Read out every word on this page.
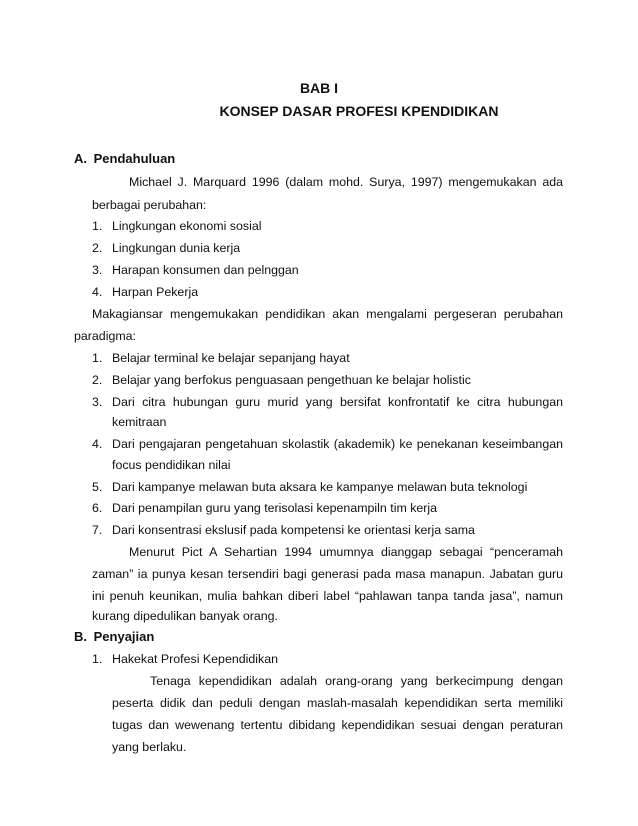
BAB I
KONSEP DASAR PROFESI KPENDIDIKAN
A. Pendahuluan
Michael J. Marquard 1996 (dalam mohd. Surya, 1997) mengemukakan ada
berbagai perubahan:
1. Lingkungan ekonomi sosial
2. Lingkungan dunia kerja
3. Harapan konsumen dan pelnggan
4. Harpan Pekerja
Makagiansar mengemukakan pendidikan akan mengalami pergeseran perubahan
paradigma:
1. Belajar terminal ke belajar sepanjang hayat
2. Belajar yang berfokus penguasaan pengethuan ke belajar holistic
3. Dari citra hubungan guru murid yang bersifat konfrontatif ke citra hubungan
kemitraan
4. Dari pengajaran pengetahuan skolastik (akademik) ke penekanan keseimbangan
focus pendidikan nilai
5. Dari kampanye melawan buta aksara ke kampanye melawan buta teknologi
6. Dari penampilan guru yang terisolasi kepenampiln tim kerja
7. Dari konsentrasi ekslusif pada kompetensi ke orientasi kerja sama
Menurut Pict A Sehartian 1994 umumnya dianggap sebagai “penceramah
zaman” ia punya kesan tersendiri bagi generasi pada masa manapun. Jabatan guru
ini penuh keunikan, mulia bahkan diberi label “pahlawan tanpa tanda jasa”, namun
kurang dipedulikan banyak orang.
B. Penyajian
1. Hakekat Profesi Kependidikan
Tenaga kependidikan adalah orang-orang yang berkecimpung dengan
peserta didik dan peduli dengan maslah-masalah kependidikan serta memiliki
tugas dan wewenang tertentu dibidang kependidikan sesuai dengan peraturan
yang berlaku.
